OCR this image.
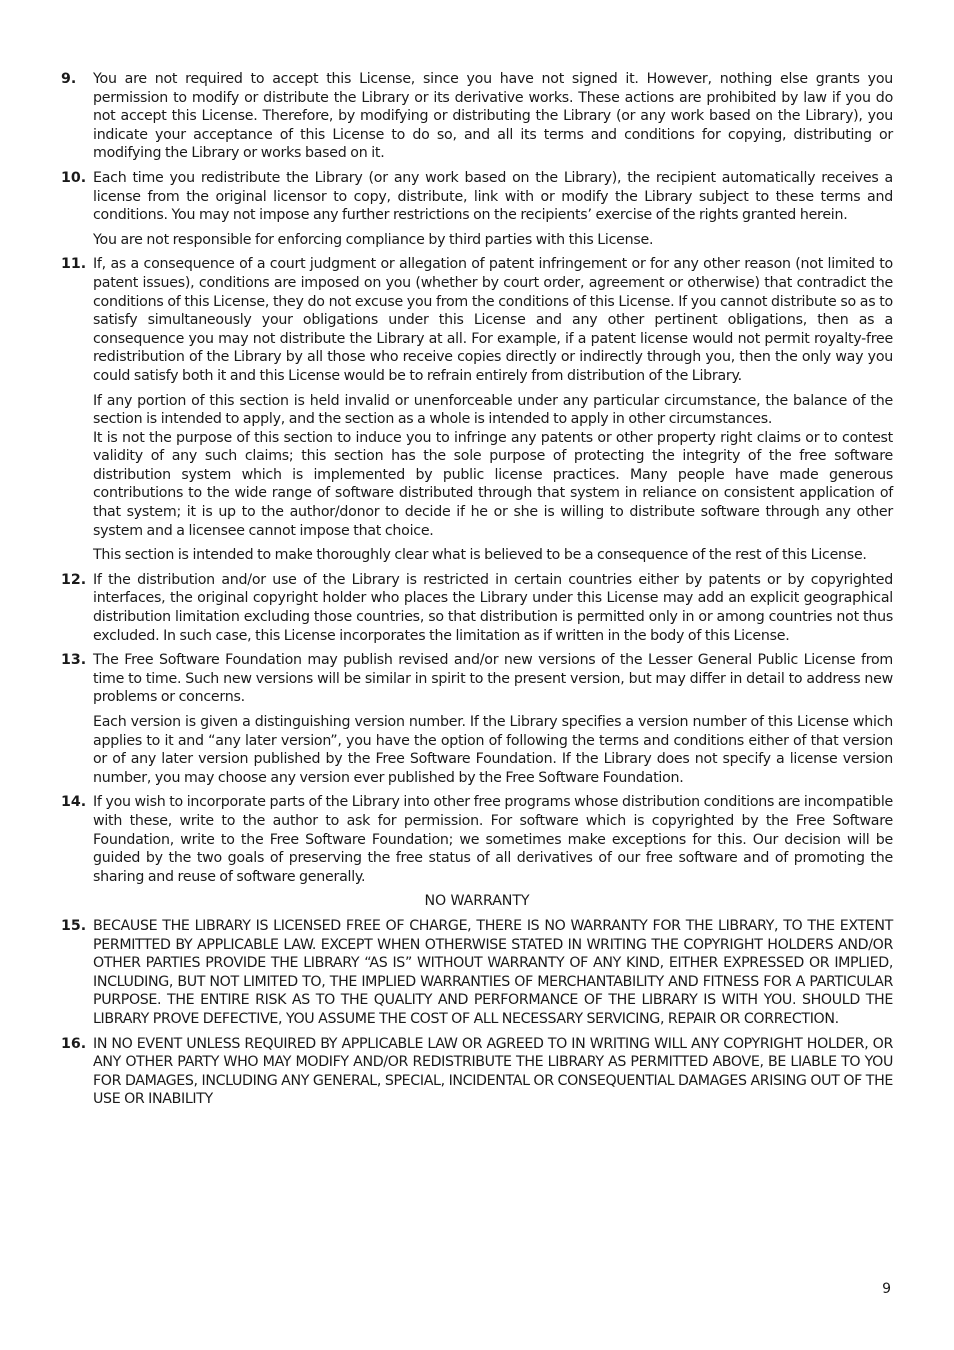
9. You are not required to accept this License, since you have not signed it. However, nothing else grants you permission to modify or distribute the Library or its derivative works. These actions are prohibited by law if you do not accept this License. Therefore, by modifying or distributing the Library (or any work based on the Library), you indicate your acceptance of this License to do so, and all its terms and conditions for copying, distributing or modifying the Library or works based on it.

10. Each time you redistribute the Library (or any work based on the Library), the recipient automatically receives a license from the original licensor to copy, distribute, link with or modify the Library subject to these terms and conditions. You may not impose any further restrictions on the recipients’ exercise of the rights granted herein.

You are not responsible for enforcing compliance by third parties with this License.

11. If, as a consequence of a court judgment or allegation of patent infringement or for any other reason (not limited to patent issues), conditions are imposed on you (whether by court order, agreement or otherwise) that contradict the conditions of this License, they do not excuse you from the conditions of this License. If you cannot distribute so as to satisfy simultaneously your obligations under this License and any other pertinent obligations, then as a consequence you may not distribute the Library at all. For example, if a patent license would not permit royalty-free redistribution of the Library by all those who receive copies directly or indirectly through you, then the only way you could satisfy both it and this License would be to refrain entirely from distribution of the Library.

If any portion of this section is held invalid or unenforceable under any particular circumstance, the balance of the section is intended to apply, and the section as a whole is intended to apply in other circumstances.

It is not the purpose of this section to induce you to infringe any patents or other property right claims or to contest validity of any such claims; this section has the sole purpose of protecting the integrity of the free software distribution system which is implemented by public license practices. Many people have made generous contributions to the wide range of software distributed through that system in reliance on consistent application of that system; it is up to the author/donor to decide if he or she is willing to distribute software through any other system and a licensee cannot impose that choice.

This section is intended to make thoroughly clear what is believed to be a consequence of the rest of this License.

12. If the distribution and/or use of the Library is restricted in certain countries either by patents or by copyrighted interfaces, the original copyright holder who places the Library under this License may add an explicit geographical distribution limitation excluding those countries, so that distribution is permitted only in or among countries not thus excluded. In such case, this License incorporates the limitation as if written in the body of this License.

13. The Free Software Foundation may publish revised and/or new versions of the Lesser General Public License from time to time. Such new versions will be similar in spirit to the present version, but may differ in detail to address new problems or concerns.

Each version is given a distinguishing version number. If the Library specifies a version number of this License which applies to it and “any later version”, you have the option of following the terms and conditions either of that version or of any later version published by the Free Software Foundation. If the Library does not specify a license version number, you may choose any version ever published by the Free Software Foundation.

14. If you wish to incorporate parts of the Library into other free programs whose distribution conditions are incompatible with these, write to the author to ask for permission. For software which is copyrighted by the Free Software Foundation, write to the Free Software Foundation; we sometimes make exceptions for this. Our decision will be guided by the two goals of preserving the free status of all derivatives of our free software and of promoting the sharing and reuse of software generally.

NO WARRANTY
15. BECAUSE THE LIBRARY IS LICENSED FREE OF CHARGE, THERE IS NO WARRANTY FOR THE LIBRARY, TO THE EXTENT PERMITTED BY APPLICABLE LAW. EXCEPT WHEN OTHERWISE STATED IN WRITING THE COPYRIGHT HOLDERS AND/OR OTHER PARTIES PROVIDE THE LIBRARY “AS IS” WITHOUT WARRANTY OF ANY KIND, EITHER EXPRESSED OR IMPLIED, INCLUDING, BUT NOT LIMITED TO, THE IMPLIED WARRANTIES OF MERCHANTABILITY AND FITNESS FOR A PARTICULAR PURPOSE. THE ENTIRE RISK AS TO THE QUALITY AND PERFORMANCE OF THE LIBRARY IS WITH YOU. SHOULD THE LIBRARY PROVE DEFECTIVE, YOU ASSUME THE COST OF ALL NECESSARY SERVICING, REPAIR OR CORRECTION.

16. IN NO EVENT UNLESS REQUIRED BY APPLICABLE LAW OR AGREED TO IN WRITING WILL ANY COPYRIGHT HOLDER, OR ANY OTHER PARTY WHO MAY MODIFY AND/OR REDISTRIBUTE THE LIBRARY AS PERMITTED ABOVE, BE LIABLE TO YOU FOR DAMAGES, INCLUDING ANY GENERAL, SPECIAL, INCIDENTAL OR CONSEQUENTIAL DAMAGES ARISING OUT OF THE USE OR INABILITY

9
